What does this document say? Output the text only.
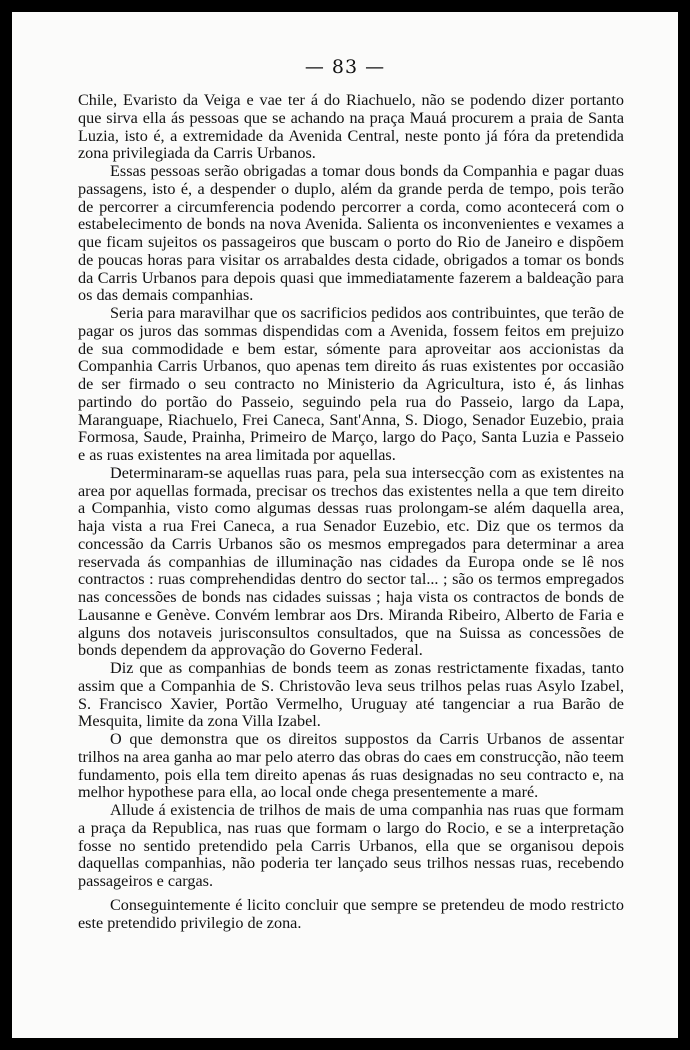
— 83 —

Chile, Evaristo da Veiga e vae ter á do Riachuelo, não se podendo dizer portanto que sirva ella ás pessoas que se achando na praça Mauá procurem a praia de Santa Luzia, isto é, a extremidade da Avenida Central, neste ponto já fóra da pretendida zona privilegiada da Carris Urbanos.

Essas pessoas serão obrigadas a tomar dous bonds da Companhia e pagar duas passagens, isto é, a despender o duplo, além da grande perda de tempo, pois terão de percorrer a circumferencia podendo percorrer a corda, como acontecerá com o estabelecimento de bonds na nova Avenida. Salienta os inconvenientes e vexames a que ficam sujeitos os passageiros que buscam o porto do Rio de Janeiro e dispõem de poucas horas para visitar os arrabaldes desta cidade, obrigados a tomar os bonds da Carris Urbanos para depois quasi que immediatamente fazerem a baldeação para os das demais companhias.

Seria para maravilhar que os sacrificios pedidos aos contribuintes, que terão de pagar os juros das sommas dispendidas com a Avenida, fossem feitos em prejuizo de sua commodidade e bem estar, sómente para aproveitar aos accionistas da Companhia Carris Urbanos, quo apenas tem direito ás ruas existentes por occasião de ser firmado o seu contracto no Ministerio da Agricultura, isto é, ás linhas partindo do portão do Passeio, seguindo pela rua do Passeio, largo da Lapa, Maranguape, Riachuelo, Frei Caneca, Sant'Anna, S. Diogo, Senador Euzebio, praia Formosa, Saude, Prainha, Primeiro de Março, largo do Paço, Santa Luzia e Passeio e as ruas existentes na area limitada por aquellas.

Determinaram-se aquellas ruas para, pela sua intersecção com as existentes na area por aquellas formada, precisar os trechos das existentes nella a que tem direito a Companhia, visto como algumas dessas ruas prolongam-se além daquella area, haja vista a rua Frei Caneca, a rua Senador Euzebio, etc. Diz que os termos da concessão da Carris Urbanos são os mesmos empregados para determinar a area reservada ás companhias de illuminação nas cidades da Europa onde se lê nos contractos : ruas comprehendidas dentro do sector tal... ; são os termos empregados nas concessões de bonds nas cidades suissas ; haja vista os contractos de bonds de Lausanne e Genève. Convém lembrar aos Drs. Miranda Ribeiro, Alberto de Faria e alguns dos notaveis jurisconsultos consultados, que na Suissa as concessões de bonds dependem da approvação do Governo Federal.

Diz que as companhias de bonds teem as zonas restrictamente fixadas, tanto assim que a Companhia de S. Christovão leva seus trilhos pelas ruas Asylo Izabel, S. Francisco Xavier, Portão Vermelho, Uruguay até tangenciar a rua Barão de Mesquita, limite da zona Villa Izabel.

O que demonstra que os direitos suppostos da Carris Urbanos de assentar trilhos na area ganha ao mar pelo aterro das obras do caes em construcção, não teem fundamento, pois ella tem direito apenas ás ruas designadas no seu contracto e, na melhor hypothese para ella, ao local onde chega presentemente a maré.

Allude á existencia de trilhos de mais de uma companhia nas ruas que formam a praça da Republica, nas ruas que formam o largo do Rocio, e se a interpretação fosse no sentido pretendido pela Carris Urbanos, ella que se organisou depois daquellas companhias, não poderia ter lançado seus trilhos nessas ruas, recebendo passageiros e cargas.

Conseguintemente é licito concluir que sempre se pretendeu de modo restricto este pretendido privilegio de zona.
